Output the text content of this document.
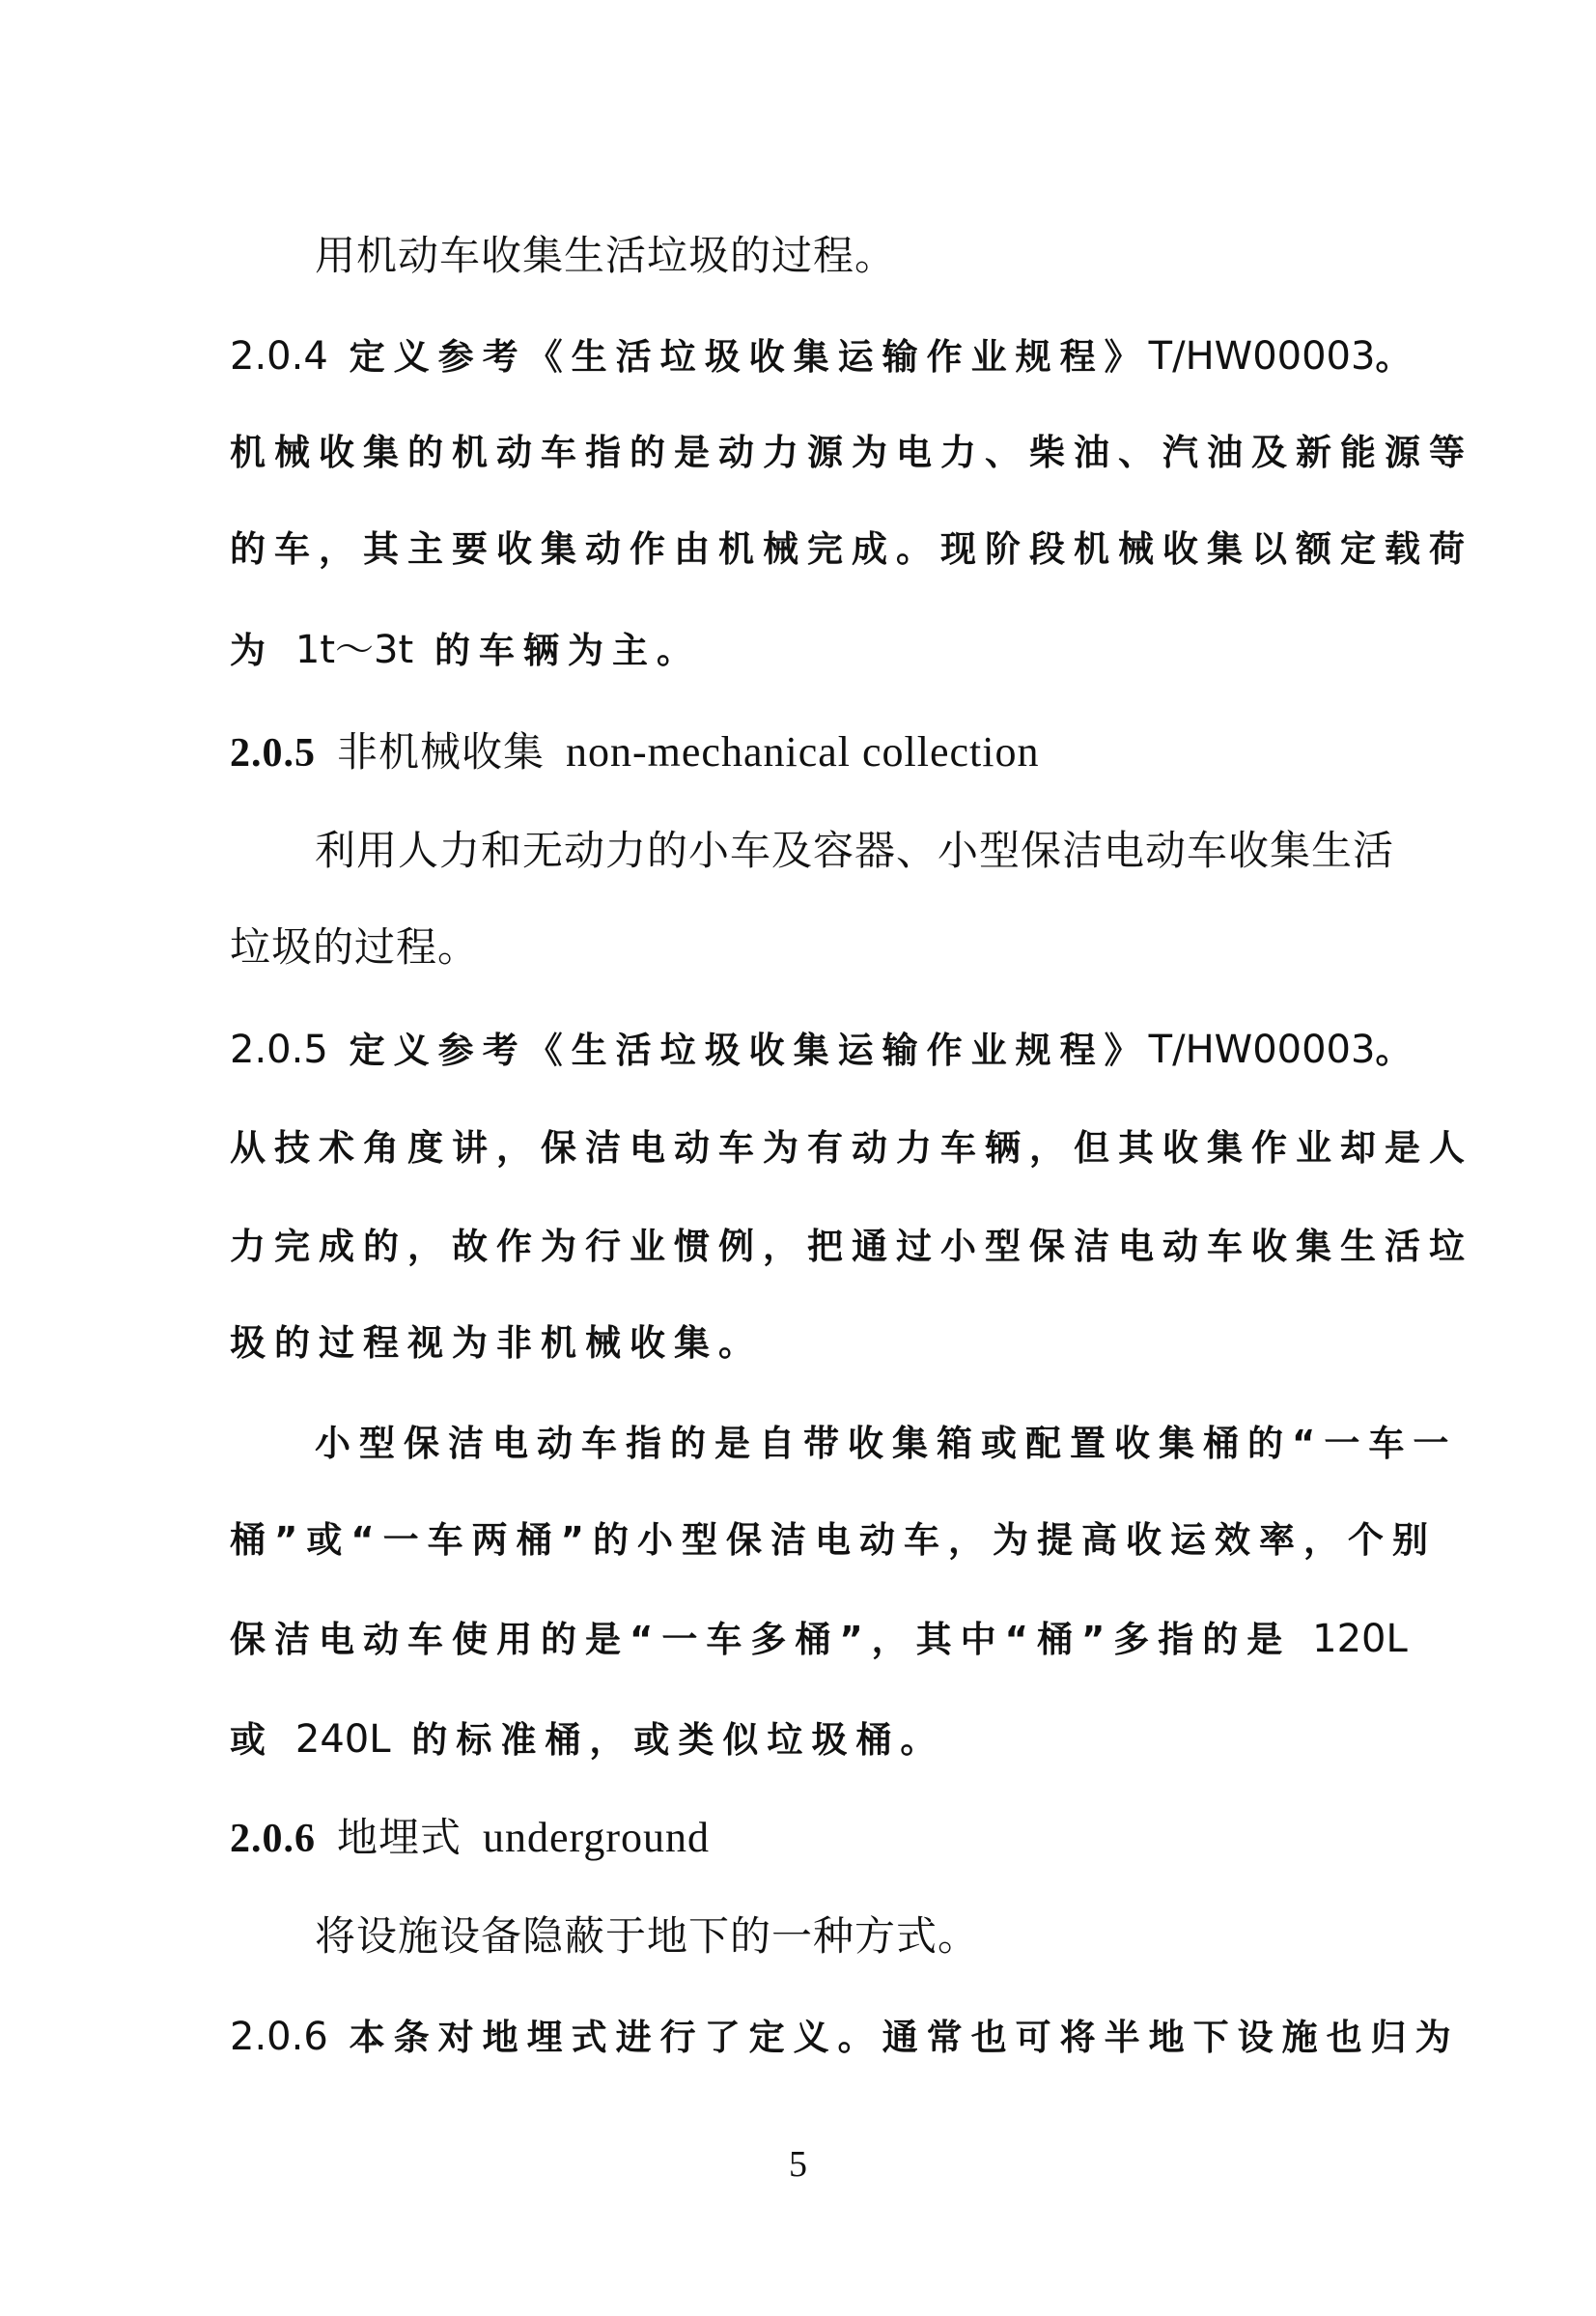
用机动车收集生活垃圾的过程。
2.0.4 定义参考《生活垃圾收集运输作业规程》T/HW00003。
机械收集的机动车指的是动力源为电力、柴油、汽油及新能源等
的车，其主要收集动作由机械完成。现阶段机械收集以额定载荷
为 1t～3t 的车辆为主。
2.0.5 非机械收集 non-mechanical collection
利用人力和无动力的小车及容器、小型保洁电动车收集生活
垃圾的过程。
2.0.5 定义参考《生活垃圾收集运输作业规程》T/HW00003。
从技术角度讲，保洁电动车为有动力车辆，但其收集作业却是人
力完成的，故作为行业惯例，把通过小型保洁电动车收集生活垃
圾的过程视为非机械收集。
小型保洁电动车指的是自带收集箱或配置收集桶的“一车一
桶”或“一车两桶”的小型保洁电动车，为提高收运效率，个别
保洁电动车使用的是“一车多桶”，其中“桶”多指的是 120L
或 240L 的标准桶，或类似垃圾桶。
2.0.6 地埋式 underground
将设施设备隐蔽于地下的一种方式。
2.0.6 本条对地埋式进行了定义。通常也可将半地下设施也归为
5
